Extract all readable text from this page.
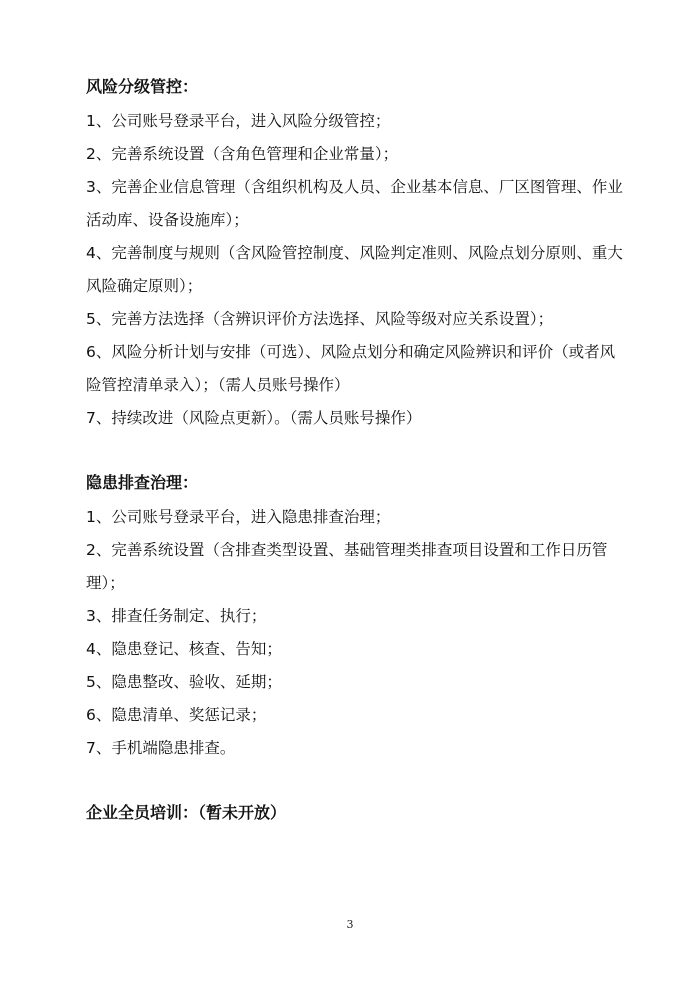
风险分级管控：

1、公司账号登录平台，进入风险分级管控；

2、完善系统设置（含角色管理和企业常量）；

3、完善企业信息管理（含组织机构及人员、企业基本信息、厂区图管理、作业活动库、设备设施库）；

4、完善制度与规则（含风险管控制度、风险判定准则、风险点划分原则、重大风险确定原则）；

5、完善方法选择（含辨识评价方法选择、风险等级对应关系设置）；

6、风险分析计划与安排（可选）、风险点划分和确定风险辨识和评价（或者风险管控清单录入）；（需人员账号操作）

7、持续改进（风险点更新）。（需人员账号操作）

隐患排查治理：

1、公司账号登录平台，进入隐患排查治理；

2、完善系统设置（含排查类型设置、基础管理类排查项目设置和工作日历管理）；

3、排查任务制定、执行；

4、隐患登记、核查、告知；

5、隐患整改、验收、延期；

6、隐患清单、奖惩记录；

7、手机端隐患排查。

企业全员培训：（暂未开放）

3
